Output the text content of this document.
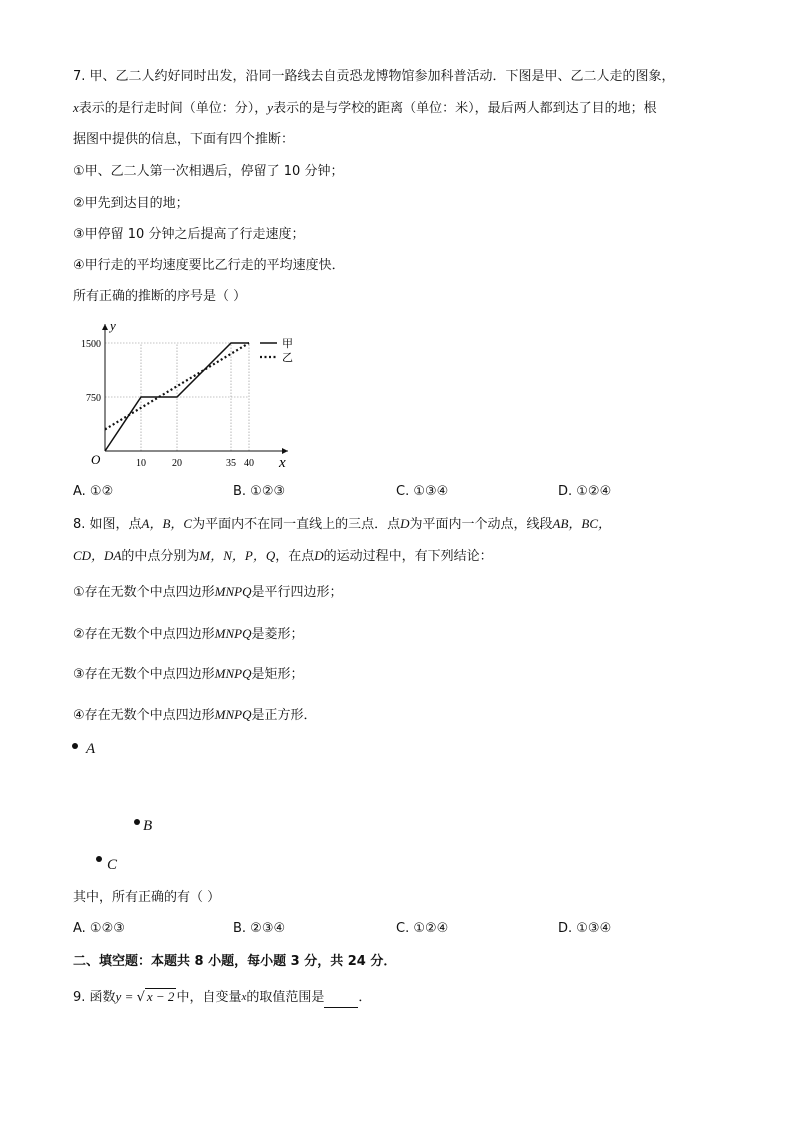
7. 甲、乙二人约好同时出发，沿同一路线去自贡恐龙博物馆参加科普活动．下图是甲、乙二人走的图象，
x表示的是行走时间（单位：分），y表示的是与学校的距离（单位：米），最后两人都到达了目的地；根
据图中提供的信息，下面有四个推断：
①甲、乙二人第一次相遇后，停留了 10 分钟；
②甲先到达目的地；
③甲停留 10 分钟之后提高了行走速度；
④甲行走的平均速度要比乙行走的平均速度快．
所有正确的推断的序号是（ ）
1500
750
10	20	35 40
y
x
O
甲
乙
A. ①②	B. ①②③	C. ①③④	D. ①②④
8. 如图，点A，B，C为平面内不在同一直线上的三点．点D为平面内一个动点，线段AB，BC，
CD，DA的中点分别为M，N，P，Q，在点D的运动过程中，有下列结论：
①存在无数个中点四边形MNPQ是平行四边形；
②存在无数个中点四边形MNPQ是菱形；
③存在无数个中点四边形MNPQ是矩形；
④存在无数个中点四边形MNPQ是正方形．
A
B
C
其中，所有正确的有（ ）
A. ①②③	B. ②③④	C. ①②④	D. ①③④
二、填空题：本题共 8 小题，每小题 3 分，共 24 分．
9. 函数y = √ x − 2 中，自变量$^x$的取值范围是	．
